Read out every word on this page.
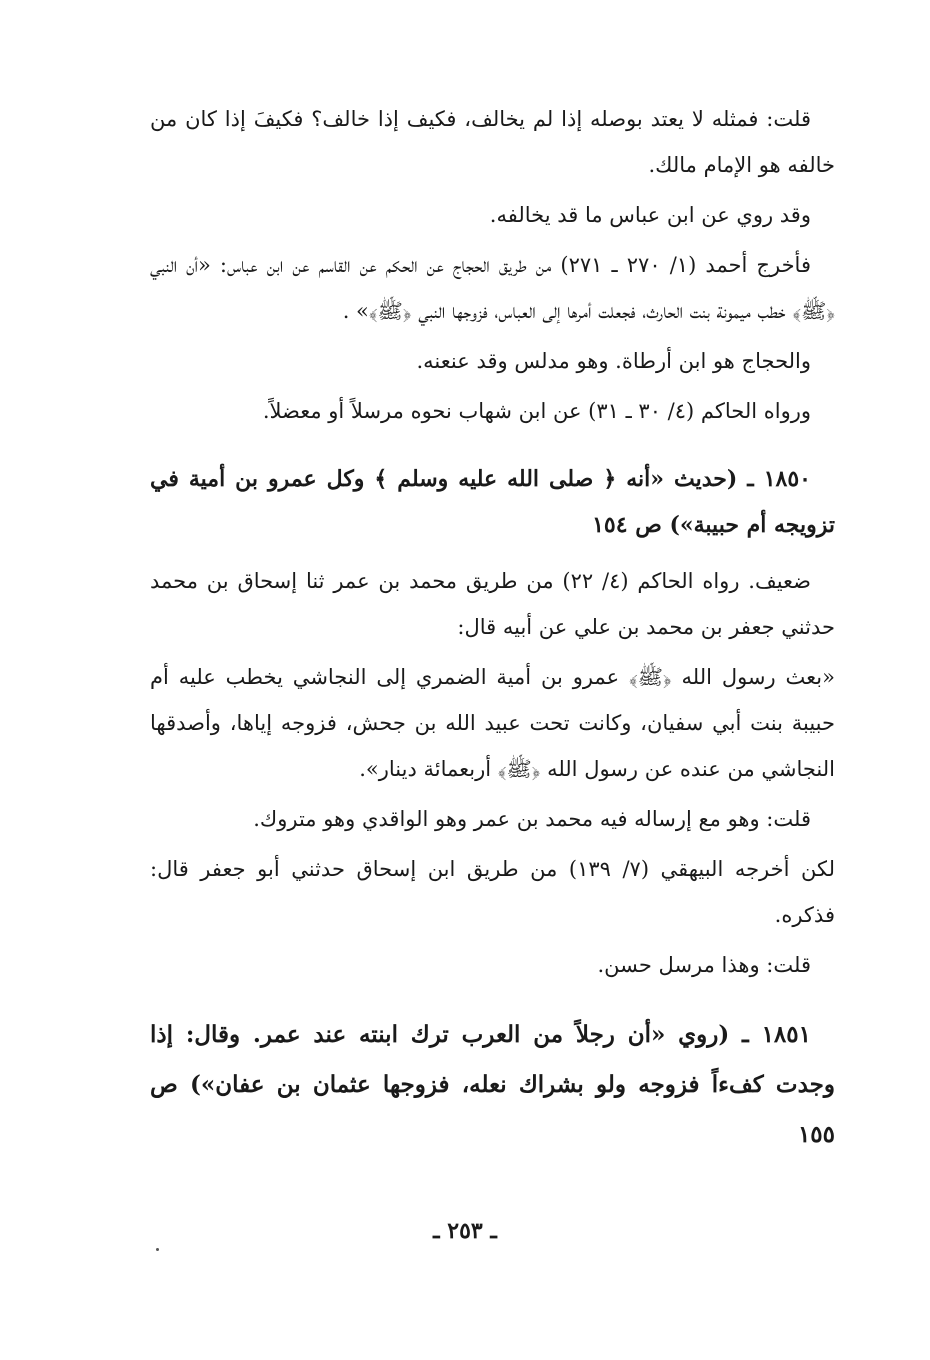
قلت: فمثله لا يعتد بوصله إذا لم يخالف، فكيف إذا خالف؟ فكيفَ إذا كان من خالفه هو الإمام مالك.

وقد روي عن ابن عباس ما قد يخالفه.

فأخرج أحمد (١/ ٢٧٠ ـ ٢٧١) من طريق الحجاج عن الحكم عن القاسم عن ابن عباس: «أن النبي ﴿ﷺ﴾ خطب ميمونة بنت الحارث، فجعلت أمرها إلى العباس، فزوجها النبي ﴿ﷺ﴾» .

والحجاج هو ابن أرطاة. وهو مدلس وقد عنعنه.

ورواه الحاكم (٤/ ٣٠ ـ ٣١) عن ابن شهاب نحوه مرسلاً أو معضلاً.

١٨٥٠ ـ (حديث «أنه ﴿ صلى الله عليه وسلم ﴾ وكل عمرو بن أمية في تزويجه أم حبيبة») ص ١٥٤

ضعيف. رواه الحاكم (٤/ ٢٢) من طريق محمد بن عمر ثنا إسحاق بن محمد حدثني جعفر بن محمد بن علي عن أبيه قال:

«بعث رسول الله ﴿ﷺ﴾ عمرو بن أمية الضمري إلى النجاشي يخطب عليه أم حبيبة بنت أبي سفيان، وكانت تحت عبيد الله بن جحش، فزوجه إياها، وأصدقها النجاشي من عنده عن رسول الله ﴿ﷺ﴾ أربعمائة دينار».

قلت: وهو مع إرساله فيه محمد بن عمر وهو الواقدي وهو متروك.

لكن أخرجه البيهقي (٧/ ١٣٩) من طريق ابن إسحاق حدثني أبو جعفر قال: فذكره.

قلت: وهذا مرسل حسن.

١٨٥١ ـ (روي «أن رجلاً من العرب ترك ابنته عند عمر. وقال: إذا وجدت كفءاً فزوجه ولو بشراك نعله، فزوجها عثمان بن عفان») ص ١٥٥

ـ ٢٥٣ ـ
